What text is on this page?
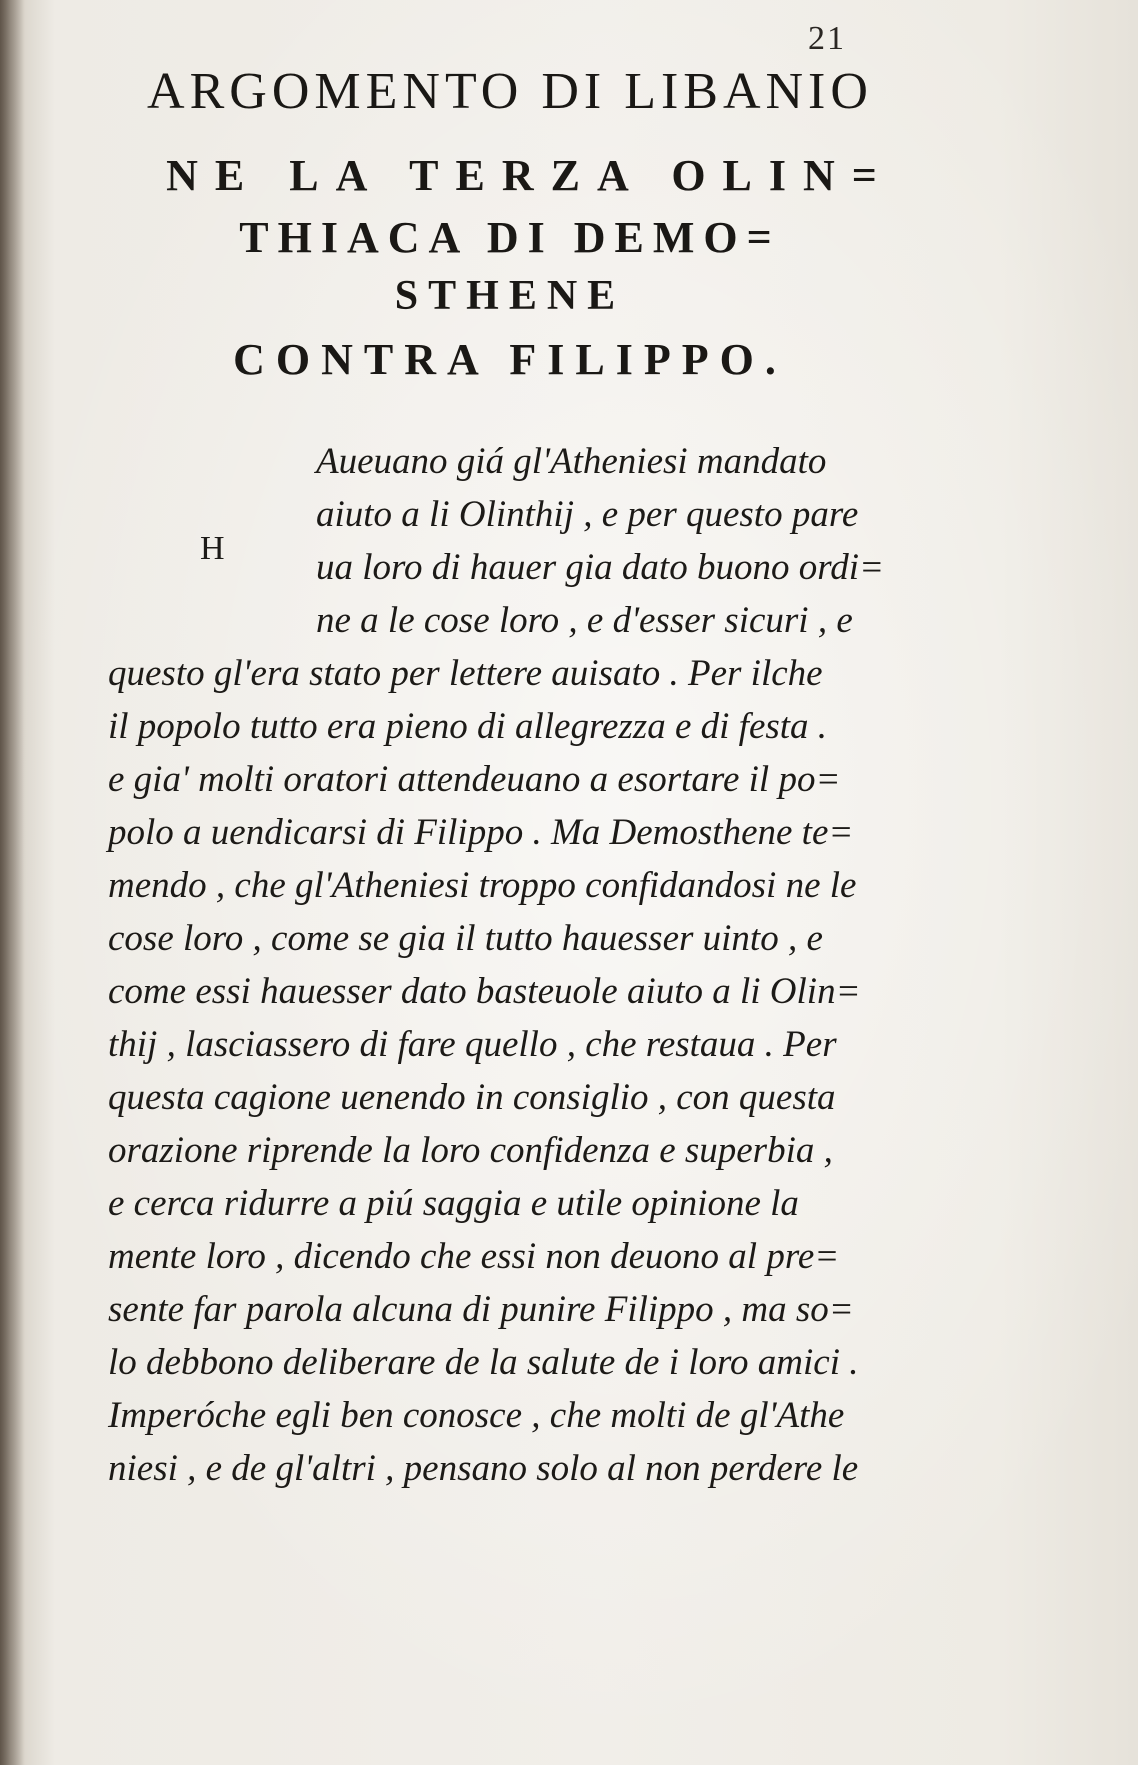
21
ARGOMENTO DI LIBANIO
NE LA TERZA OLIN=
THIACA DI DEMO=
STHENE
CONTRA FILIPPO.
H
Aueuano giá gl'Atheniesi mandato
aiuto a li Olinthij , e per questo pare
ua loro di hauer gia dato buono ordi=
ne a le cose loro , e d'esser sicuri , e
questo gl'era stato per lettere auisato . Per ilche
il popolo tutto era pieno di allegrezza e di festa .
e gia' molti oratori attendeuano a esortare il po=
polo a uendicarsi di Filippo . Ma Demosthene te=
mendo , che gl'Atheniesi troppo confidandosi ne le
cose loro , come se gia il tutto hauesser uinto , e
come essi hauesser dato basteuole aiuto a li Olin=
thij , lasciassero di fare quello , che restaua . Per
questa cagione uenendo in consiglio , con questa
orazione riprende la loro confidenza e superbia ,
e cerca ridurre a piú saggia e utile opinione la
mente loro , dicendo che essi non deuono al pre=
sente far parola alcuna di punire Filippo , ma so=
lo debbono deliberare de la salute de i loro amici .
Imperóche egli ben conosce , che molti de gl'Athe
niesi , e de gl'altri , pensano solo al non perdere le
